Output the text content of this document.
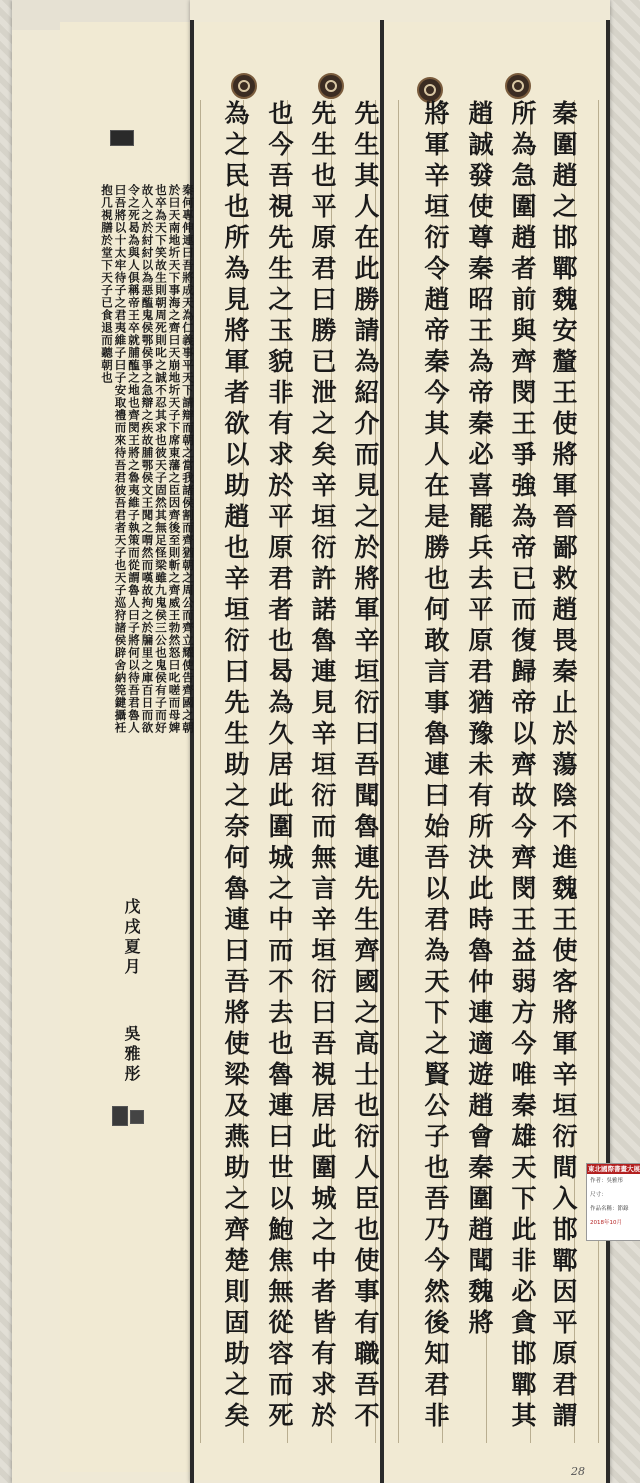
秦何專伸連曰吾將成天為仁義事平天下請辯而朝之當我諸侯割而齊猶朝之周公而齊立耀使告齊國之朝於曰天南地圻天下事海之齊曰天崩地圻天子下席東藩之臣因齊後至則斬之齊威王勃然怒曰叱嗟而母婢也卒為天下笑故生則朝周死則叱之誠不忍其求也彼天子固然其無足怪梁雖九鬼侯三公也鬼侯有子而好故入之於紂紂以為惡醢鬼侯鄂侯爭之急辯之疾故脯鄂侯文王聞之喟然而嘆故拘之於牖里之庫百日而欲令之死曷為與人俱稱帝王卒就脯醢之地也齊閔王將之魯夷維子執策而從謂魯人曰子將何以待吾君魯人曰吾將以十太牢待子之君夷維子曰子安取禮而來待吾君彼吾君者天子也天子巡狩諸侯辟舍納筦鍵攝衽抱几視膳於堂下天子已食退而聽朝也
戊戌夏月
吳雅彤
秦圍趙之邯鄲魏安釐王使將軍晉鄙救趙畏秦止於蕩陰不進魏王使客將軍辛垣衍間入邯鄲因平原君謂
所為急圍趙者前與齊閔王爭強為帝已而復歸帝以齊故今齊閔王益弱方今唯秦雄天下此非必貪邯鄲其
趙誠發使尊秦昭王為帝秦必喜罷兵去平原君猶豫未有所決此時魯仲連適遊趙會秦圍趙聞魏將
將軍辛垣衍令趙帝秦今其人在是勝也何敢言事魯連曰始吾以君為天下之賢公子也吾乃今然後知君非
先生其人在此勝請為紹介而見之於將軍辛垣衍曰吾聞魯連先生齊國之高士也衍人臣也使事有職吾不
先生也平原君曰勝已泄之矣辛垣衍許諾魯連見辛垣衍而無言辛垣衍曰吾視居此圍城之中者皆有求於
也今吾視先生之玉貌非有求於平原君者也曷為久居此圍城之中而不去也魯連曰世以鮑焦無從容而死
為之民也所為見將軍者欲以助趙也辛垣衍曰先生助之奈何魯連曰吾將使梁及燕助之齊楚則固助之矣
東北國際書畫大展
作者：吳雅彤
尺寸：
作品名稱：節錄
2018年10月
28
